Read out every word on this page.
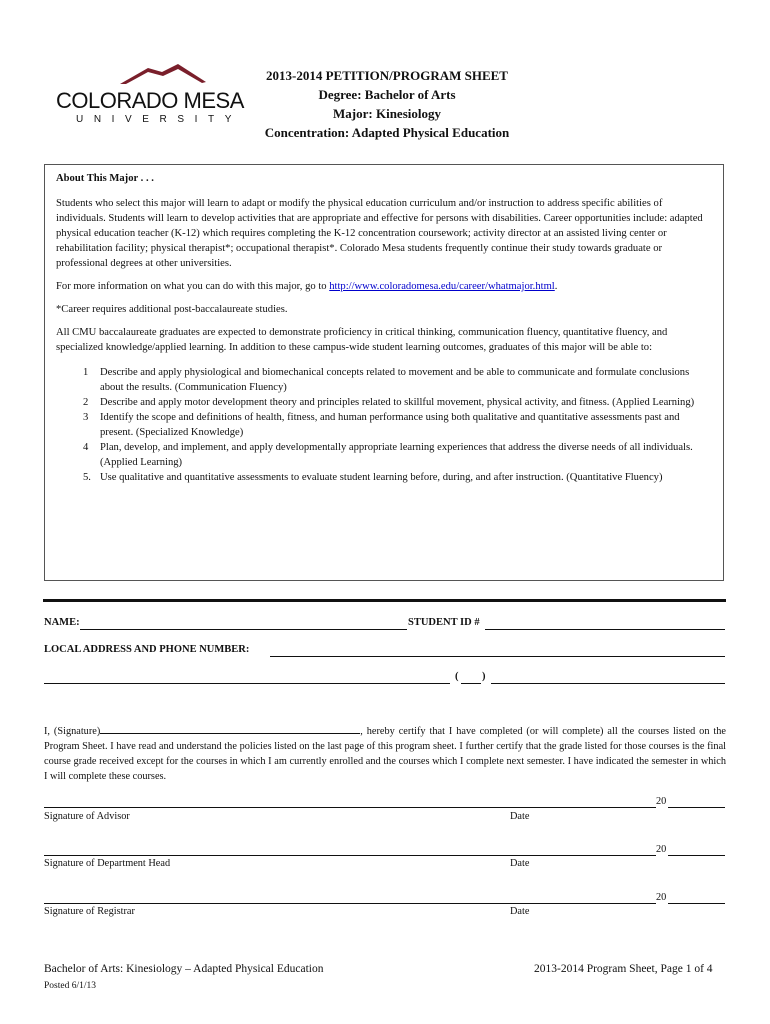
COLORADO MESA
UNIVERSITY
2013-2014 PETITION/PROGRAM SHEET
Degree: Bachelor of Arts
Major: Kinesiology
Concentration: Adapted Physical Education

About This Major . . .

Students who select this major will learn to adapt or modify the physical education curriculum and/or instruction to address specific abilities of individuals. Students will learn to develop activities that are appropriate and effective for persons with disabilities. Career opportunities include: adapted physical education teacher (K-12) which requires completing the K-12 concentration coursework; activity director at an assisted living center or rehabilitation facility; physical therapist*; occupational therapist*. Colorado Mesa students frequently continue their study towards graduate or professional degrees at other universities.

For more information on what you can do with this major, go to http://www.coloradomesa.edu/career/whatmajor.html.

*Career requires additional post-baccalaureate studies.

All CMU baccalaureate graduates are expected to demonstrate proficiency in critical thinking, communication fluency, quantitative fluency, and specialized knowledge/applied learning. In addition to these campus-wide student learning outcomes, graduates of this major will be able to:

1 Describe and apply physiological and biomechanical concepts related to movement and be able to communicate and formulate conclusions about the results. (Communication Fluency)
2 Describe and apply motor development theory and principles related to skillful movement, physical activity, and fitness. (Applied Learning)
3 Identify the scope and definitions of health, fitness, and human performance using both qualitative and quantitative assessments past and present. (Specialized Knowledge)
4 Plan, develop, and implement, and apply developmentally appropriate learning experiences that address the diverse needs of all individuals. (Applied Learning)
5. Use qualitative and quantitative assessments to evaluate student learning before, during, and after instruction. (Quantitative Fluency)
NAME:	STUDENT ID #
LOCAL ADDRESS AND PHONE NUMBER:
( )
I, (Signature)	, hereby certify that I have completed (or will complete) all the courses listed on the Program Sheet. I have read and understand the policies listed on the last page of this program sheet. I further certify that the grade listed for those courses is the final course grade received except for the courses in which I am currently enrolled and the courses which I complete next semester. I have indicated the semester in which I will complete these courses.
20
Signature of Advisor	Date
20
Signature of Department Head	Date
20
Signature of Registrar	Date
Bachelor of Arts: Kinesiology – Adapted Physical Education
Posted 6/1/13
2013-2014 Program Sheet, Page 1 of 4
